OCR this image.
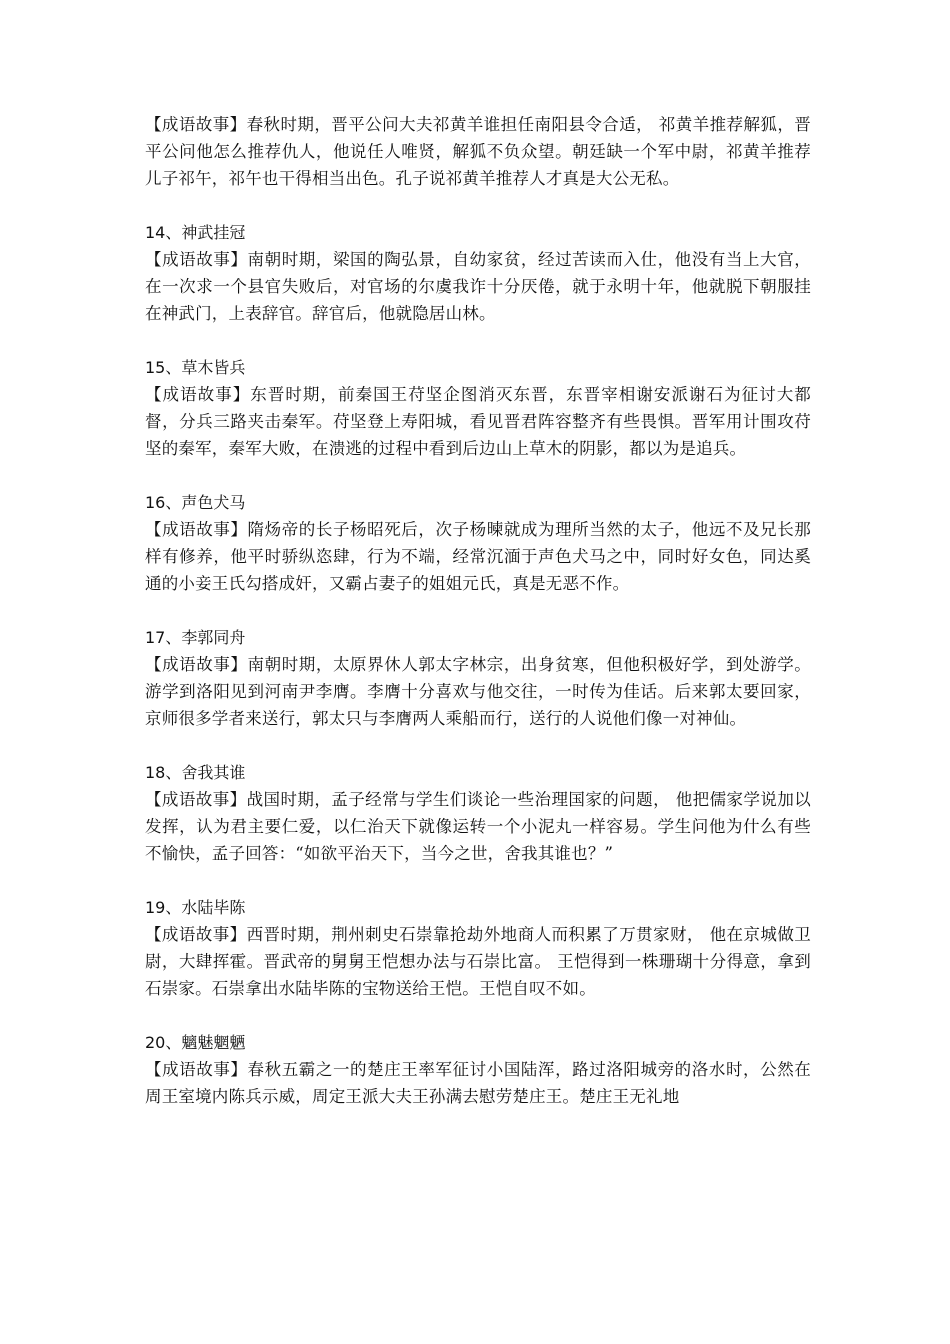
【成语故事】春秋时期，晋平公问大夫祁黄羊谁担任南阳县令合适， 祁黄羊推荐解狐，晋平公问他怎么推荐仇人，他说任人唯贤，解狐不负众望。朝廷缺一个军中尉，祁黄羊推荐儿子祁午，祁午也干得相当出色。孔子说祁黄羊推荐人才真是大公无私。

14、神武挂冠

【成语故事】南朝时期，梁国的陶弘景，自幼家贫，经过苦读而入仕，他没有当上大官，在一次求一个县官失败后，对官场的尔虞我诈十分厌倦，就于永明十年，他就脱下朝服挂在神武门，上表辞官。辞官后，他就隐居山林。

15、草木皆兵

【成语故事】东晋时期，前秦国王苻坚企图消灭东晋，东晋宰相谢安派谢石为征讨大都督，分兵三路夹击秦军。苻坚登上寿阳城，看见晋君阵容整齐有些畏惧。晋军用计围攻苻坚的秦军，秦军大败，在溃逃的过程中看到后边山上草木的阴影，都以为是追兵。

16、声色犬马

【成语故事】隋炀帝的长子杨昭死后，次子杨暕就成为理所当然的太子，他远不及兄长那样有修养，他平时骄纵恣肆，行为不端，经常沉湎于声色犬马之中，同时好女色，同达奚通的小妾王氏勾搭成奸，又霸占妻子的姐姐元氏，真是无恶不作。

17、李郭同舟

【成语故事】南朝时期，太原界休人郭太字林宗，出身贫寒，但他积极好学，到处游学。游学到洛阳见到河南尹李膺。李膺十分喜欢与他交往，一时传为佳话。后来郭太要回家，京师很多学者来送行，郭太只与李膺两人乘船而行，送行的人说他们像一对神仙。

18、舍我其谁

【成语故事】战国时期，孟子经常与学生们谈论一些治理国家的问题， 他把儒家学说加以发挥，认为君主要仁爱，以仁治天下就像运转一个小泥丸一样容易。学生问他为什么有些不愉快，孟子回答：“如欲平治天下，当今之世，舍我其谁也？”

19、水陆毕陈

【成语故事】西晋时期，荆州刺史石崇靠抢劫外地商人而积累了万贯家财， 他在京城做卫尉，大肆挥霍。晋武帝的舅舅王恺想办法与石崇比富。 王恺得到一株珊瑚十分得意，拿到石崇家。石崇拿出水陆毕陈的宝物送给王恺。王恺自叹不如。

20、魑魅魍魉

【成语故事】春秋五霸之一的楚庄王率军征讨小国陆浑，路过洛阳城旁的洛水时，公然在周王室境内陈兵示威，周定王派大夫王孙满去慰劳楚庄王。楚庄王无礼地
